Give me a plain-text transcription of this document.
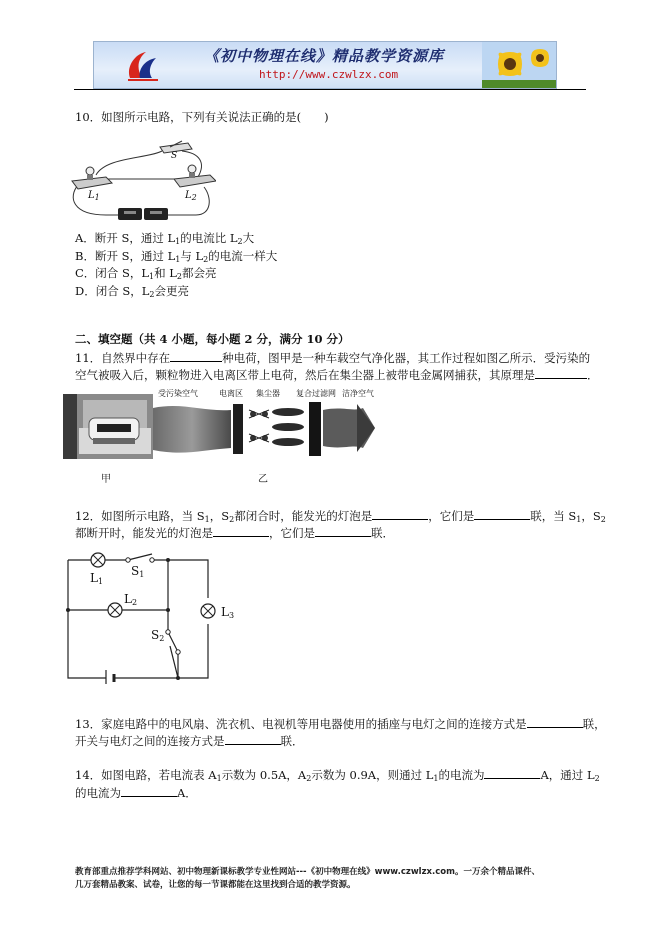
《初中物理在线》精品教学资源库
http://www.czwlzx.com
10．如图所示电路，下列有关说法正确的是(　　)
S
$L_1$	$L_2$
A．断开 S，通过 $L_1$的电流比 $L_2$大
B．断开 S，通过 $L_1$与 $L_2$的电流一样大
C．闭合 S，$L_1$和 $L_2$都会亮
D．闭合 S，$L_2$会更亮
二、填空题（共 4 小题，每小题 2 分，满分 10 分）
11．自然界中存在	种电荷，图甲是一种车载空气净化器，其工作过程如图乙所示．受污染的
空气被吸入后，颗粒物进入电离区带上电荷，然后在集尘器上被带电金属网捕获，其原理是	．
甲
受污染空气	电离区 集尘器 复合过滤网 洁净空气
乙
12．如图所示电路，当 $S_1$，$S_2$都闭合时，能发光的灯泡是	，它们是	联，当 $S_1$，$S_2$
都断开时，能发光的灯泡是	，它们是	联．
$L_1$
$S_1$
$L_2$
$L_3$
$S_2$
13．家庭电路中的电风扇、洗衣机、电视机等用电器使用的插座与电灯之间的连接方式是	联，
开关与电灯之间的连接方式是	联．
14．如图电路，若电流表 $A_1$示数为 0.5A，$A_2$示数为 0.9A，则通过 $L_1$的电流为	A，通过 $L_2$
的电流为	A．
教育部重点推荐学科网站、初中物理新课标教学专业性网站---《初中物理在线》www.czwlzx.com。一万余个精品课件、
几万套精品教案、试卷，让您的每一节课都能在这里找到合适的教学资源。
